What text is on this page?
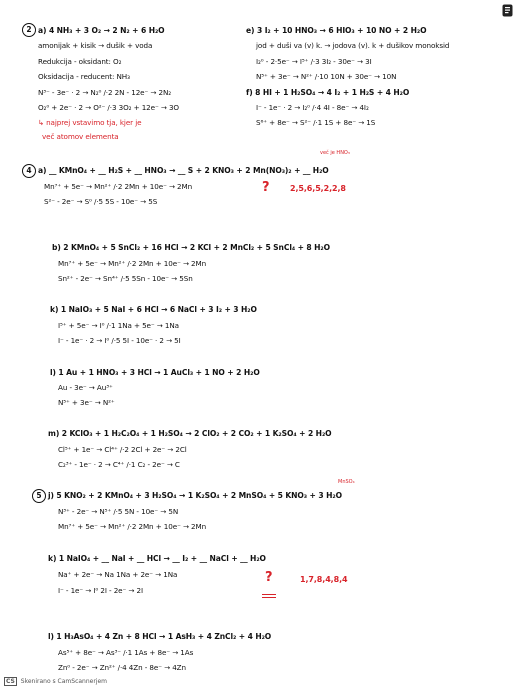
2 a) 4 NH₃ + 3 O₂ → 2 N₂ + 6 H₂O
amonijak + kisik → dušik + voda
Redukcija - oksidant: O₂
Oksidacija - reducent: NH₃
N³⁻ - 3e⁻ · 2 → N₂⁰ /·2 2N - 12e⁻ → 2N₂
O₂⁰ + 2e⁻ · 2 → O²⁻ /·3 3O₂ + 12e⁻ → 3O
↳ najprej vstavimo tja, kjer je
več atomov elementa
e) 3 I₂ + 10 HNO₃ → 6 HIO₃ + 10 NO + 2 H₂O
jod + duši va (v) k. → jodova (v). k + dušikov monoksid
I₂⁰ - 2·5e⁻ → I⁵⁺ /·3 3I₂ - 30e⁻ → 3I
N⁵⁺ + 3e⁻ → N²⁺ /·10 10N + 30e⁻ → 10N
f) 8 HI + 1 H₂SO₄ → 4 I₂ + 1 H₂S + 4 H₂O
I⁻ - 1e⁻ · 2 → I₂⁰ /·4 4I - 8e⁻ → 4I₂
S⁶⁺ + 8e⁻ → S²⁻ /·1 1S + 8e⁻ → 1S
4
več je HNO₃
a) __ KMnO₄ + __ H₂S + __ HNO₃ → __ S + 2 KNO₃ + 2 Mn(NO₃)₂ + __ H₂O
Mn⁷⁺ + 5e⁻ → Mn²⁺ /·2 2Mn + 10e⁻ → 2Mn
S²⁻ - 2e⁻ → S⁰ /·5 5S - 10e⁻ → 5S
?	2,5,6,5,2,2,8
b) 2 KMnO₄ + 5 SnCl₂ + 16 HCl → 2 KCl + 2 MnCl₂ + 5 SnCl₄ + 8 H₂O
Mn⁷⁺ + 5e⁻ → Mn²⁺ /·2 2Mn + 10e⁻ → 2Mn
Sn²⁺ - 2e⁻ → Sn⁴⁺ /·5 5Sn - 10e⁻ → 5Sn
k) 1 NaIO₃ + 5 NaI + 6 HCl → 6 NaCl + 3 I₂ + 3 H₂O
I⁵⁺ + 5e⁻ → I⁰ /·1 1Na + 5e⁻ → 1Na
I⁻ - 1e⁻ · 2 → I⁰ /·5 5I - 10e⁻ · 2 → 5I
l) 1 Au + 1 HNO₃ + 3 HCl → 1 AuCl₃ + 1 NO + 2 H₂O
Au - 3e⁻ → Au³⁺
N⁵⁺ + 3e⁻ → N²⁺
m) 2 KClO₃ + 1 H₂C₂O₄ + 1 H₂SO₄ → 2 ClO₂ + 2 CO₂ + 1 K₂SO₄ + 2 H₂O
Cl⁵⁺ + 1e⁻ → Cl⁴⁺ /·2 2Cl + 2e⁻ → 2Cl
C₂³⁺ - 1e⁻ · 2 → C⁴⁺ /·1 C₂ - 2e⁻ → C
5
MnSO₄
j) 5 KNO₂ + 2 KMnO₄ + 3 H₂SO₄ → 1 K₂SO₄ + 2 MnSO₄ + 5 KNO₃ + 3 H₂O
N³⁺ - 2e⁻ → N⁵⁺ /·5 5N - 10e⁻ → 5N
Mn⁷⁺ + 5e⁻ → Mn²⁺ /·2 2Mn + 10e⁻ → 2Mn
k) 1 NaIO₄ + __ NaI + __ HCl → __ I₂ + __ NaCl + __ H₂O
Na⁺ + 2e⁻ → Na 1Na + 2e⁻ → 1Na
I⁻ - 1e⁻ → I⁰ 2I - 2e⁻ → 2I
?	1,7,8,4,8,4
l) 1 H₃AsO₄ + 4 Zn + 8 HCl → 1 AsH₃ + 4 ZnCl₂ + 4 H₂O
As⁵⁺ + 8e⁻ → As³⁻ /·1 1As + 8e⁻ → 1As
Zn⁰ - 2e⁻ → Zn²⁺ /·4 4Zn - 8e⁻ → 4Zn
CS Skenirano s CamScannerjem
